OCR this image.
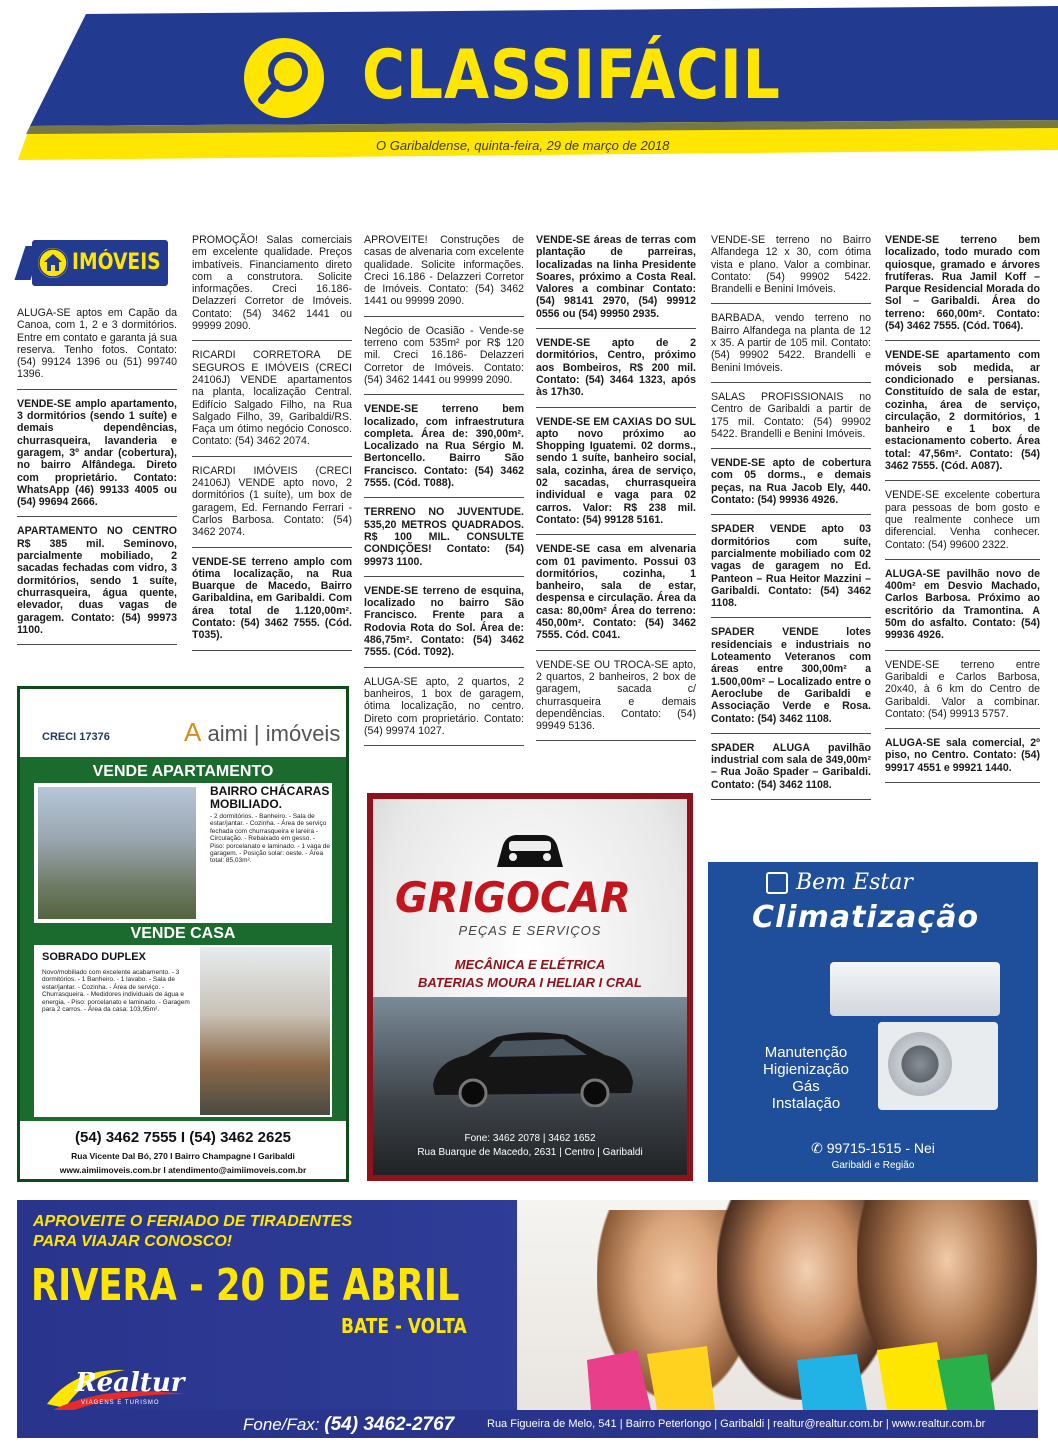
CLASSIFÁCIL
O Garibaldense, quinta-feira, 29 de março de 2018
IMÓVEIS
ALUGA-SE aptos em Capão da Canoa, com 1, 2 e 3 dormitórios. Entre em contato e garanta já sua reserva. Tenho fotos. Contato: (54) 99124 1396 ou (51) 99740 1396.
VENDE-SE amplo apartamento, 3 dormitórios (sendo 1 suíte) e demais dependências, churrasqueira, lavanderia e garagem, 3º andar (cobertura), no bairro Alfândega. Direto com proprietário. Contato: WhatsApp (46) 99133 4005 ou (54) 99694 2666.
APARTAMENTO NO CENTRO R$ 385 mil. Seminovo, parcialmente mobiliado, 2 sacadas fechadas com vidro, 3 dormitórios, sendo 1 suíte, churrasqueira, água quente, elevador, duas vagas de garagem. Contato: (54) 99973 1100.
PROMOÇÃO! Salas comerciais em excelente qualidade. Preços imbatíveis. Financiamento direto com a construtora. Solicite informações. Creci 16.186- Delazzeri Corretor de Imóveis. Contato: (54) 3462 1441 ou 99999 2090.
RICARDI CORRETORA DE SEGUROS E IMÓVEIS (CRECI 24106J) VENDE apartamentos na planta, localização Central. Edifício Salgado Filho, na Rua Salgado Filho, 39, Garibaldi/RS. Faça um ótimo negócio Conosco. Contato: (54) 3462 2074.
RICARDI IMÓVEIS (CRECI 24106J) VENDE apto novo, 2 dormitórios (1 suíte), um box de garagem, Ed. Fernando Ferrari - Carlos Barbosa. Contato: (54) 3462 2074.
VENDE-SE terreno amplo com ótima localização, na Rua Buarque de Macedo, Bairro Garibaldina, em Garibaldi. Com área total de 1.120,00m². Contato: (54) 3462 7555. (Cód. T035).
APROVEITE! Construções de casas de alvenaria com excelente qualidade. Solicite informações. Creci 16.186 - Delazzeri Corretor de Imóveis. Contato: (54) 3462 1441 ou 99999 2090.
Negócio de Ocasião - Vende-se terreno com 535m² por R$ 120 mil. Creci 16.186- Delazzeri Corretor de Imóveis. Contato: (54) 3462 1441 ou 99999 2090.
VENDE-SE terreno bem localizado, com infraestrutura completa. Área de: 390,00m². Localizado na Rua Sérgio M. Bertoncello. Bairro São Francisco. Contato: (54) 3462 7555. (Cód. T088).
TERRENO NO JUVENTUDE. 535,20 METROS QUADRADOS. R$ 100 MIL. CONSULTE CONDIÇÕES! Contato: (54) 99973 1100.
VENDE-SE terreno de esquina, localizado no bairro São Francisco. Frente para a Rodovia Rota do Sol. Área de: 486,75m². Contato: (54) 3462 7555. (Cód. T092).
ALUGA-SE apto, 2 quartos, 2 banheiros, 1 box de garagem, ótima localização, no centro. Direto com proprietário. Contato: (54) 99974 1027.
VENDE-SE áreas de terras com plantação de parreiras, localizadas na linha Presidente Soares, próximo a Costa Real. Valores a combinar Contato: (54) 98141 2970, (54) 99912 0556 ou (54) 99950 2935.
VENDE-SE apto de 2 dormitórios, Centro, próximo aos Bombeiros, R$ 200 mil. Contato: (54) 3464 1323, após às 17h30.
VENDE-SE EM CAXIAS DO SUL apto novo próximo ao Shopping Iguatemi. 02 dorms., sendo 1 suíte, banheiro social, sala, cozinha, área de serviço, 02 sacadas, churrasqueira individual e vaga para 02 carros. Valor: R$ 238 mil. Contato: (54) 99128 5161.
VENDE-SE casa em alvenaria com 01 pavimento. Possui 03 dormitórios, cozinha, 1 banheiro, sala de estar, despensa e circulação. Área da casa: 80,00m² Área do terreno: 450,00m². Contato: (54) 3462 7555. Cód. C041.
VENDE-SE OU TROCA-SE apto, 2 quartos, 2 banheiros, 2 box de garagem, sacada c/ churrasqueira e demais dependências. Contato: (54) 99949 5136.
VENDE-SE terreno no Bairro Alfandega 12 x 30, com ótima vista e plano. Valor a combinar. Contato: (54) 99902 5422. Brandelli e Benini Imóveis.
BARBADA, vendo terreno no Bairro Alfandega na planta de 12 x 35. A partir de 105 mil. Contato: (54) 99902 5422. Brandelli e Benini Imóveis.
SALAS PROFISSIONAIS no Centro de Garibaldi a partir de 175 mil. Contato: (54) 99902 5422. Brandelli e Benini Imóveis.
VENDE-SE apto de cobertura com 05 dorms., e demais peças, na Rua Jacob Ely, 440. Contato: (54) 99936 4926.
SPADER VENDE apto 03 dormitórios com suíte, parcialmente mobiliado com 02 vagas de garagem no Ed. Panteon – Rua Heitor Mazzini – Garibaldi. Contato: (54) 3462 1108.
SPADER VENDE lotes residenciais e industriais no Loteamento Veteranos com áreas entre 300,00m² a 1.500,00m² – Localizado entre o Aeroclube de Garibaldi e Associação Verde e Rosa. Contato: (54) 3462 1108.
SPADER ALUGA pavilhão industrial com sala de 349,00m² – Rua João Spader – Garibaldi. Contato: (54) 3462 1108.
VENDE-SE terreno bem localizado, todo murado com quiosque, gramado e árvores frutíferas. Rua Jamil Koff – Parque Residencial Morada do Sol – Garibaldi. Área do terreno: 660,00m². Contato: (54) 3462 7555. (Cód. T064).
VENDE-SE apartamento com móveis sob medida, ar condicionado e persianas. Constituído de sala de estar, cozinha, área de serviço, circulação, 2 dormitórios, 1 banheiro e 1 box de estacionamento coberto. Área total: 47,56m². Contato: (54) 3462 7555. (Cód. A087).
VENDE-SE excelente cobertura para pessoas de bom gosto e que realmente conhece um diferencial. Venha conhecer. Contato: (54) 99600 2322.
ALUGA-SE pavilhão novo de 400m² em Desvio Machado, Carlos Barbosa. Próximo ao escritório da Tramontina. A 50m do asfalto. Contato: (54) 99936 4926.
VENDE-SE terreno entre Garibaldi e Carlos Barbosa, 20x40, à 6 km do Centro de Garibaldi. Valor a combinar. Contato: (54) 99913 5757.
ALUGA-SE sala comercial, 2º piso, no Centro. Contato: (54) 99917 4551 e 99921 1440.
CRECI 17376	A aimi | imóveis
VENDE APARTAMENTO
BAIRRO CHÁCARAS MOBILIADO.
- 2 dormitórios. - Banheiro. - Sala de estar/jantar. - Cozinha. - Área de serviço fechada com churrasqueira e lareira - Circulação. - Rebaixado em gesso. - Piso: porcelanato e laminado. - 1 vaga de garagem. - Posição solar: oeste. - Área total: 85,03m².
VENDE CASA
SOBRADO DUPLEX
Novo/mobiliado com excelente acabamento. - 3 dormitórios. - 1 Banheiro. - 1 lavabo. - Sala de estar/jantar. - Cozinha. - Área de serviço. - Churrasqueira. - Medidores individuais de água e energia. - Piso: porcelanato e laminado. - Garagem para 2 carros. - Área da casa: 103,95m².
(54) 3462 7555 I (54) 3462 2625
Rua Vicente Dal Bó, 270 I Bairro Champagne I Garibaldi
www.aimiimoveis.com.br I atendimento@aimiimoveis.com.br
GRIGOCAR
PEÇAS E SERVIÇOS
MECÂNICA E ELÉTRICA
BATERIAS MOURA I HELIAR I CRAL
Fone: 3462 2078 | 3462 1652
Rua Buarque de Macedo, 2631 | Centro | Garibaldi
Bem Estar
Climatização
Manutenção
Higienização
Gás
Instalação
✆ 99715-1515 - Nei
Garibaldi e Região
APROVEITE O FERIADO DE TIRADENTES
PARA VIAJAR CONOSCO!
RIVERA - 20 DE ABRIL
BATE - VOLTA
Realtur
VIAGENS E TURISMO
Fone/Fax: (54) 3462-2767	Rua Figueira de Melo, 541 | Bairro Peterlongo | Garibaldi | realtur@realtur.com.br | www.realtur.com.br
